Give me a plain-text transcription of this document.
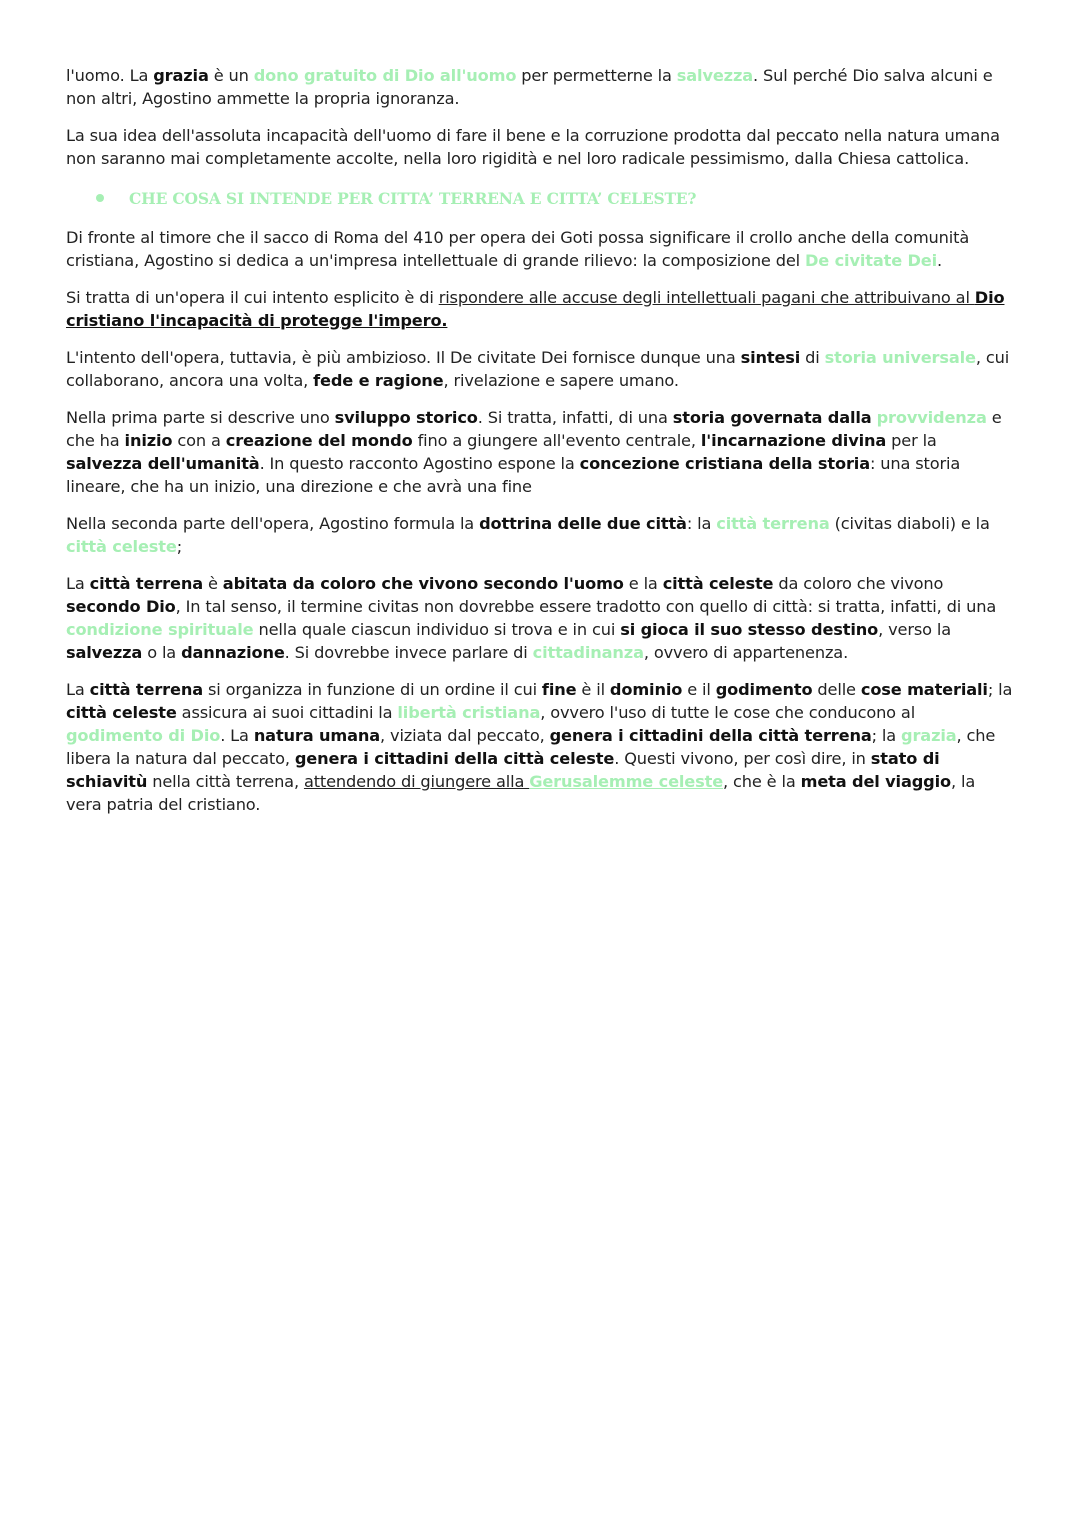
l'uomo. La grazia è un dono gratuito di Dio all'uomo per permetterne la salvezza. Sul perché Dio salva alcuni e non altri, Agostino ammette la propria ignoranza.

La sua idea dell'assoluta incapacità dell'uomo di fare il bene e la corruzione prodotta dal peccato nella natura umana non saranno mai completamente accolte, nella loro rigidità e nel loro radicale pessimismo, dalla Chiesa cattolica.

CHE COSA SI INTENDE PER CITTA’ TERRENA E CITTA’ CELESTE?

Di fronte al timore che il sacco di Roma del 410 per opera dei Goti possa significare il crollo anche della comunità cristiana, Agostino si dedica a un'impresa intellettuale di grande rilievo: la composizione del De civitate Dei.

Si tratta di un'opera il cui intento esplicito è di rispondere alle accuse degli intellettuali pagani che attribuivano al Dio cristiano l'incapacità di protegge l'impero.

L'intento dell'opera, tuttavia, è più ambizioso. Il De civitate Dei fornisce dunque una sintesi di storia universale, cui collaborano, ancora una volta, fede e ragione, rivelazione e sapere umano.

Nella prima parte si descrive uno sviluppo storico. Si tratta, infatti, di una storia governata dalla provvidenza e che ha inizio con a creazione del mondo fino a giungere all'evento centrale, l'incarnazione divina per la salvezza dell'umanità. In questo racconto Agostino espone la concezione cristiana della storia: una storia lineare, che ha un inizio, una direzione e che avrà una fine

Nella seconda parte dell'opera, Agostino formula la dottrina delle due città: la città terrena (civitas diaboli) e la città celeste;

La città terrena è abitata da coloro che vivono secondo l'uomo e la città celeste da coloro che vivono secondo Dio, In tal senso, il termine civitas non dovrebbe essere tradotto con quello di città: si tratta, infatti, di una condizione spirituale nella quale ciascun individuo si trova e in cui si gioca il suo stesso destino, verso la salvezza o la dannazione. Si dovrebbe invece parlare di cittadinanza, ovvero di appartenenza.

La città terrena si organizza in funzione di un ordine il cui fine è il dominio e il godimento delle cose materiali; la città celeste assicura ai suoi cittadini la libertà cristiana, ovvero l'uso di tutte le cose che conducono al godimento di Dio. La natura umana, viziata dal peccato, genera i cittadini della città terrena; la grazia, che libera la natura dal peccato, genera i cittadini della città celeste. Questi vivono, per così dire, in stato di schiavitù nella città terrena, attendendo di giungere alla Gerusalemme celeste, che è la meta del viaggio, la vera patria del cristiano.
